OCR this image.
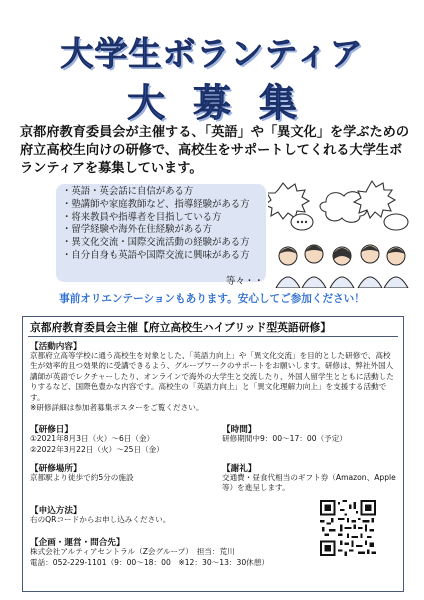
大学生ボランティア
大募集
京都府教育委員会が主催する、「英語」や「異文化」を学ぶための府立高校生向けの研修で、高校生をサポートしてくれる大学生ボランティアを募集しています。
・ 英語・英会話に自信がある方
・ 塾講師や家庭教師など、指導経験がある方
・ 将来教員や指導者を目指している方
・ 留学経験や海外在住経験がある方
・ 異文化交流・国際交流活動の経験がある方
・ 自分自身も英語や国際交流に興味がある方
等々・・
事前オリエンテーションもあります。安心してご参加ください！
京都府教育委員会主催【府立高校生ハイブリッド型英語研修】
【活動内容】
京都府立高等学校に通う高校生を対象とした、「英語力向上」や「異文化交流」を目的とした研修で、高校生が効率的且つ効果的に受講できるよう、グループワークのサポートをお願いします。研修は、弊社外国人講師が英語でレクチャーしたり、オンラインで海外の大学生と交流したり、外国人留学生とともに活動したりするなど、国際色豊かな内容です。高校生の「英語力向上」と「異文化理解力向上」を支援する活動です。
※研修詳細は参加者募集ポスターをご覧ください。
【研修日】
①2021年8月3日（火）～6日（金）
②2022年3月22日（火）～25日（金）
【時間】
研修期間中9：00～17：00（予定）
【研修場所】
京都駅より徒歩で約5分の施設
【謝礼】
交通費・昼食代相当のギフト券（Amazon、Apple等）を進呈します。
【申込方法】
右のQRコードからお申し込みください。
【企画・運営・問合先】
株式会社アルティアセントラル（Z会グループ）　担当：荒川
電話：052-229-1101（9：00～18：00　※12：30～13：30休憩）
